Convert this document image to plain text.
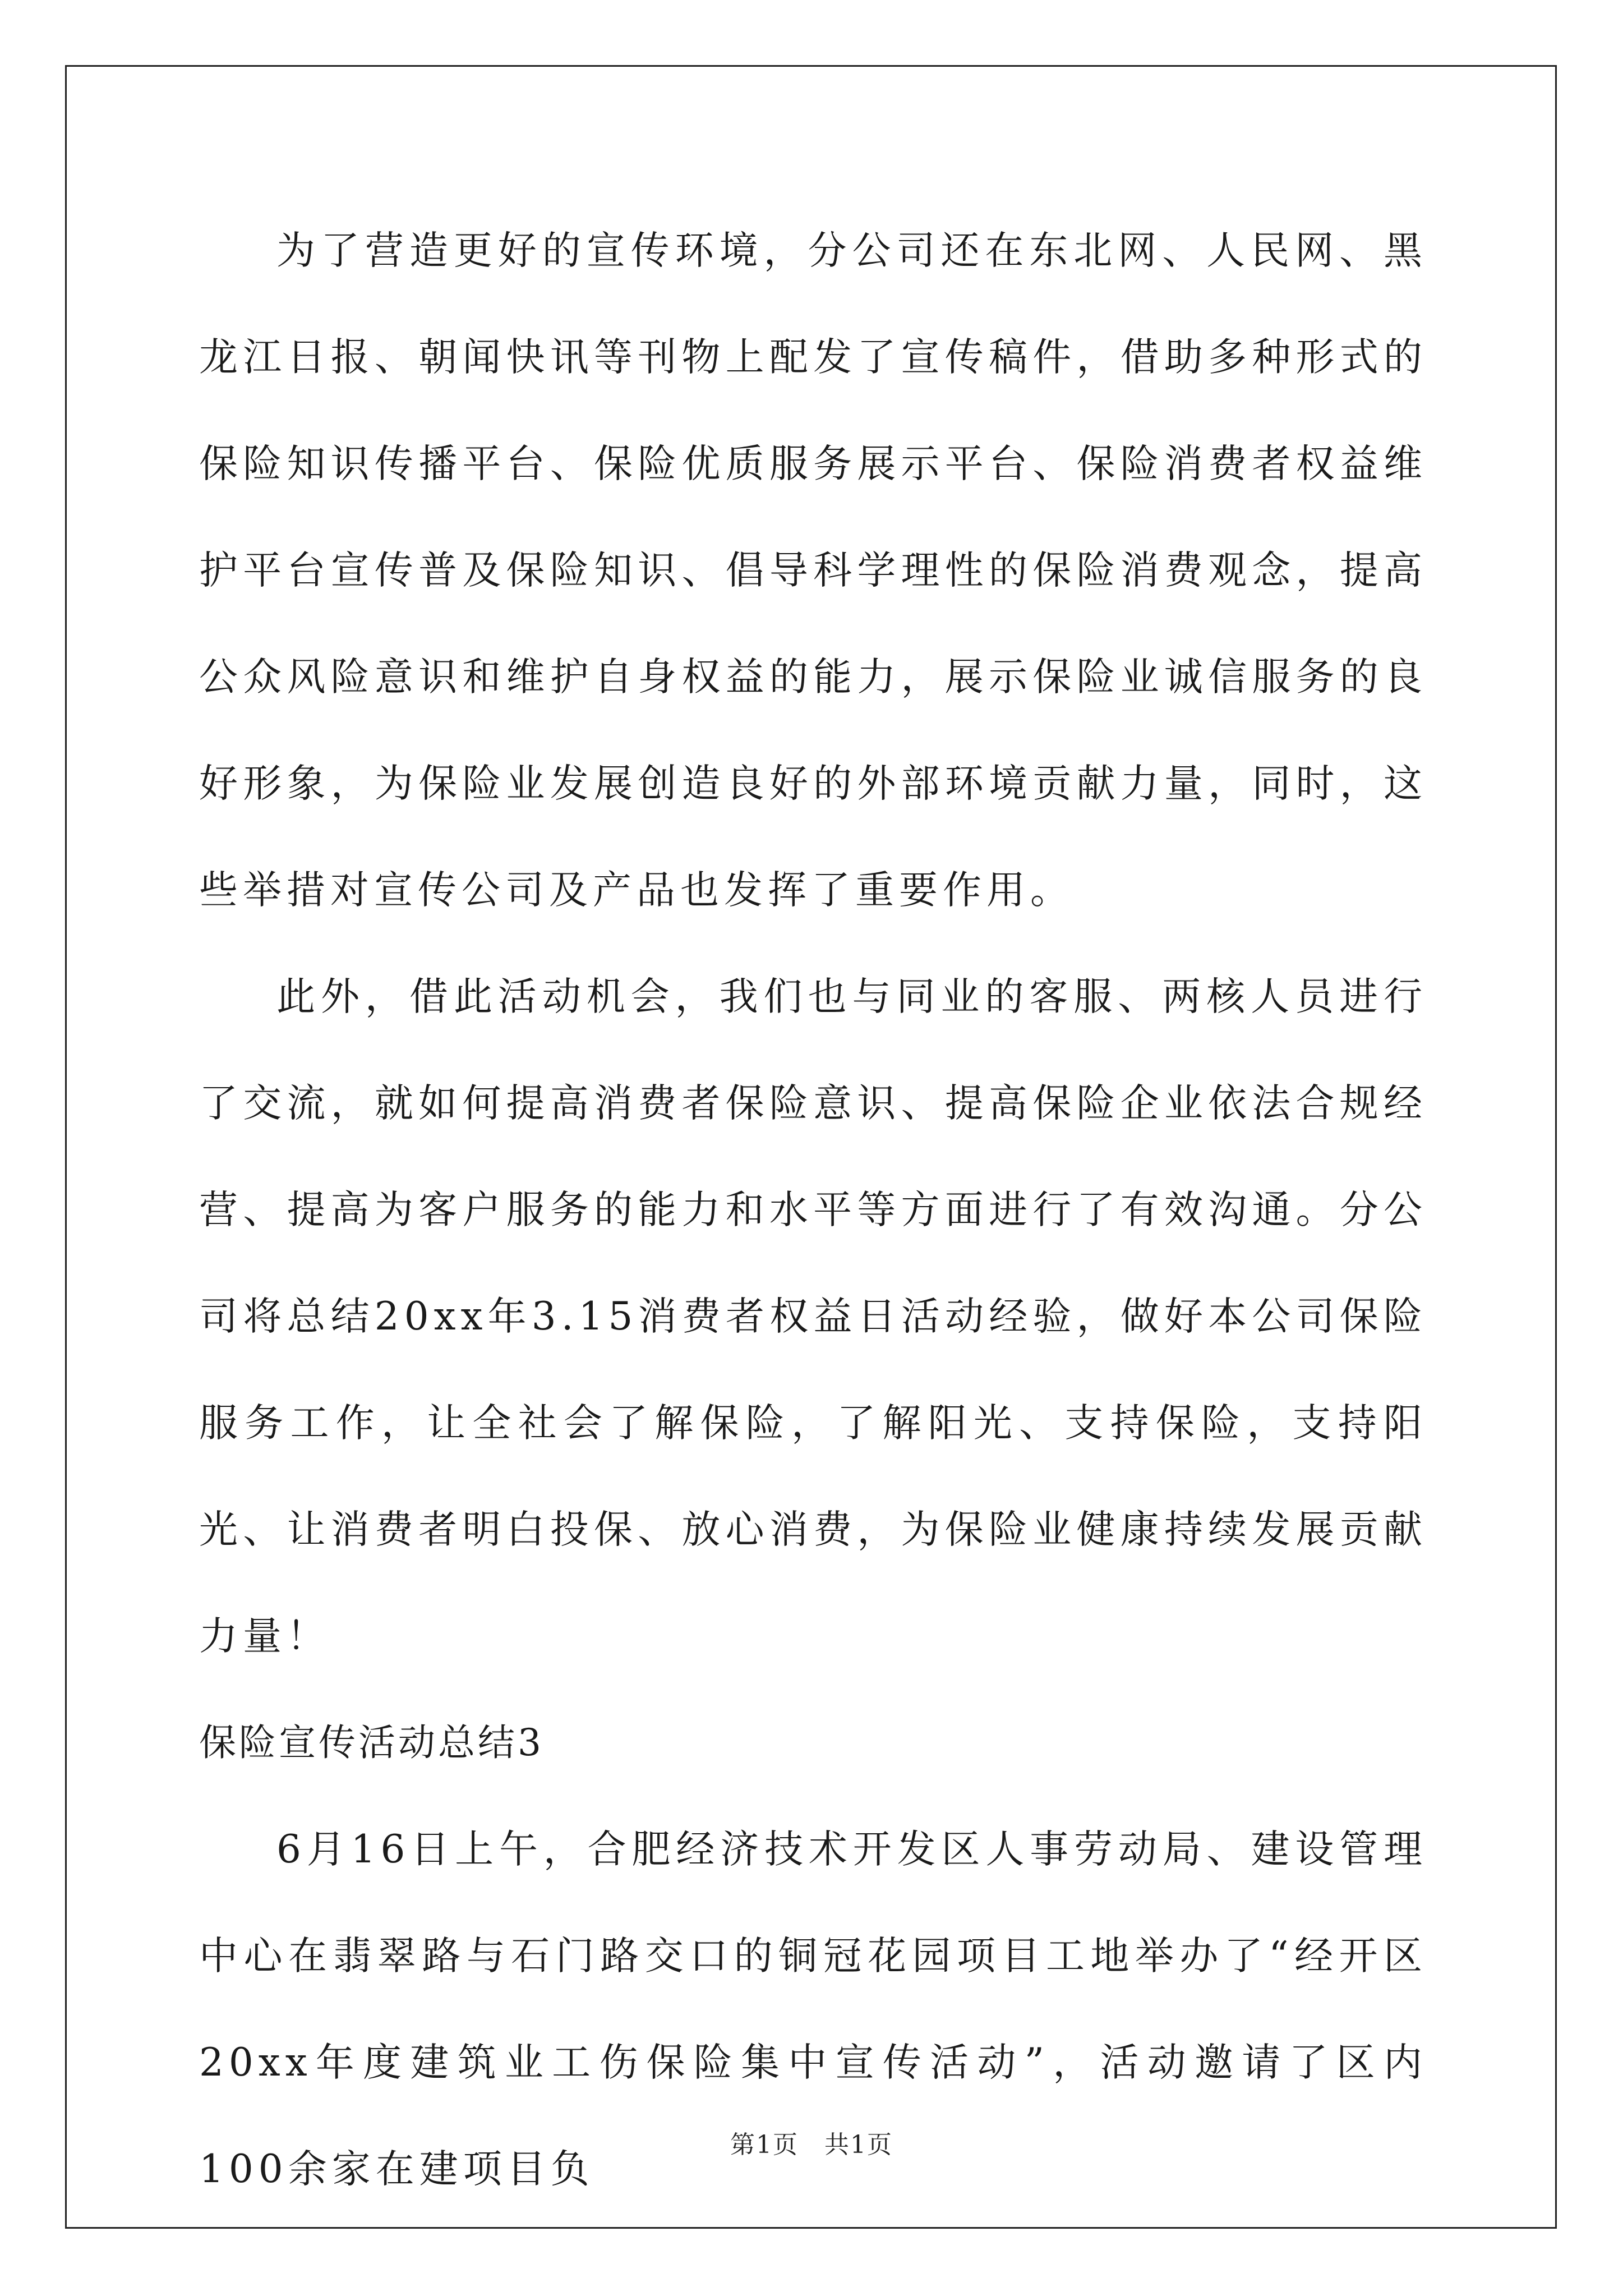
为了营造更好的宣传环境，分公司还在东北网、人民网、黑龙江日报、朝闻快讯等刊物上配发了宣传稿件，借助多种形式的保险知识传播平台、保险优质服务展示平台、保险消费者权益维护平台宣传普及保险知识、倡导科学理性的保险消费观念，提高公众风险意识和维护自身权益的能力，展示保险业诚信服务的良好形象，为保险业发展创造良好的外部环境贡献力量，同时，这些举措对宣传公司及产品也发挥了重要作用。

此外，借此活动机会，我们也与同业的客服、两核人员进行了交流，就如何提高消费者保险意识、提高保险企业依法合规经营、提高为客户服务的能力和水平等方面进行了有效沟通。分公司将总结20xx年3.15消费者权益日活动经验，做好本公司保险服务工作，让全社会了解保险，了解阳光、支持保险，支持阳光、让消费者明白投保、放心消费，为保险业健康持续发展贡献力量！

保险宣传活动总结3

6月16日上午，合肥经济技术开发区人事劳动局、建设管理中心在翡翠路与石门路交口的铜冠花园项目工地举办了“经开区20xx年度建筑业工伤保险集中宣传活动”，活动邀请了区内100余家在建项目负

第1页　共1页
